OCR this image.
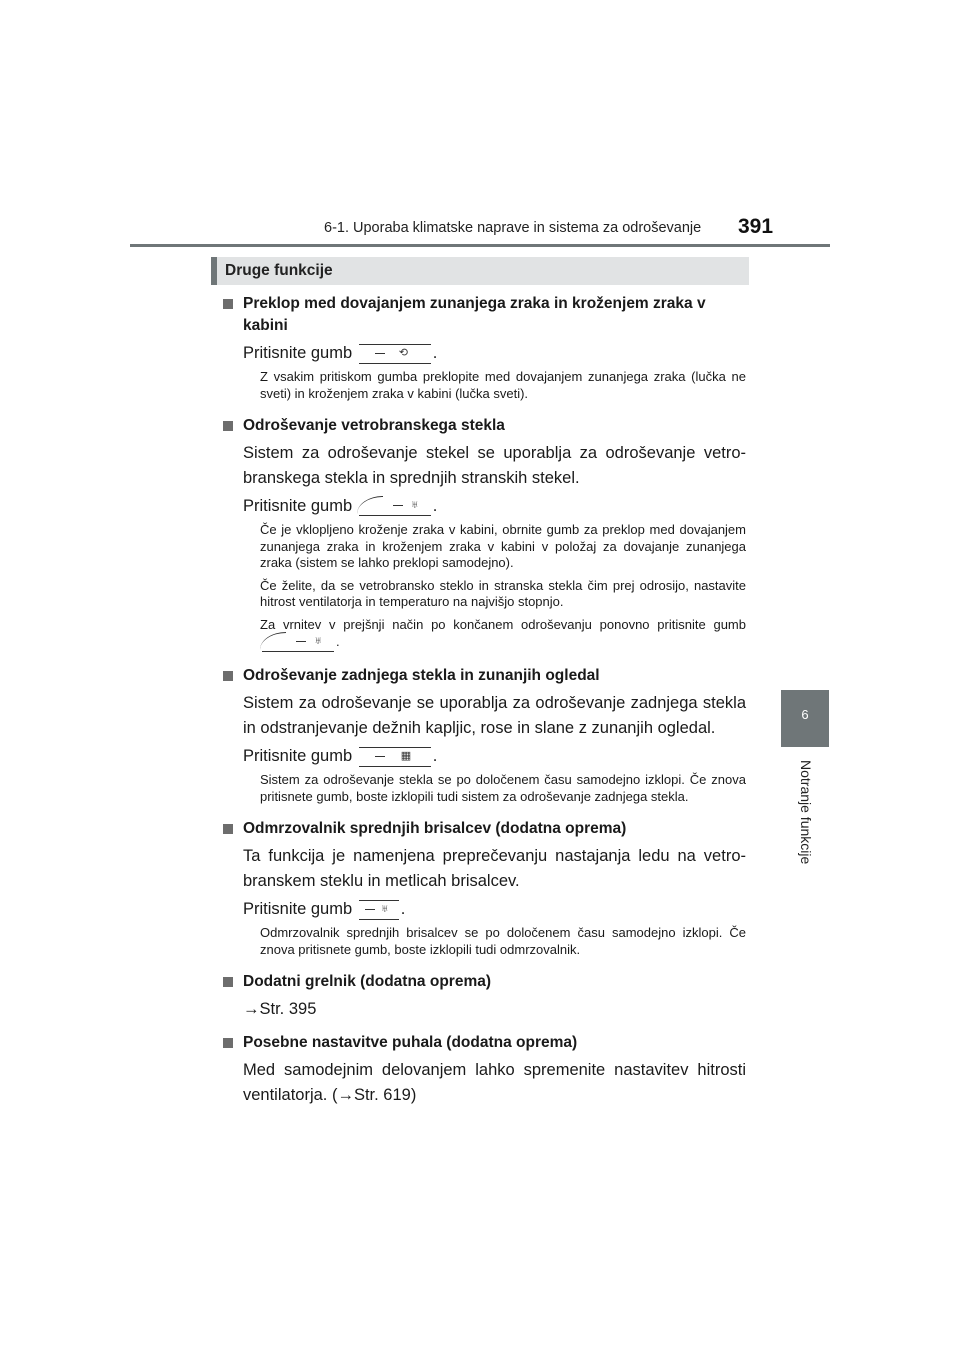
6-1. Uporaba klimatske naprave in sistema za odroševanje 391
6
Notranje funkcije
Druge funkcije
Preklop med dovajanjem zunanjega zraka in kroženjem zraka v kabini
Pritisnite gumb	⟲ .
Z vsakim pritiskom gumba preklopite med dovajanjem zunanjega zraka (lučka ne sveti) in kroženjem zraka v kabini (lučka sveti).
Odroševanje vetrobranskega stekla
Sistem za odroševanje stekel se uporablja za odroševanje vetro- branskega stekla in sprednjih stranskih stekel.
Pritisnite gumb	♅ .
Če je vklopljeno kroženje zraka v kabini, obrnite gumb za preklop med dovajanjem zunanjega zraka in kroženjem zraka v kabini v položaj za dovajanje zunanjega zraka (sistem se lahko preklopi samodejno).
Če želite, da se vetrobransko steklo in stranska stekla čim prej odrosijo, nastavite hitrost ventilatorja in temperaturo na najvišjo stopnjo.
Za vrnitev v prejšnji način po končanem odroševanju ponovno pritisnite gumb
♅ .
Odroševanje zadnjega stekla in zunanjih ogledal
Sistem za odroševanje se uporablja za odroševanje zadnjega stekla in odstranjevanje dežnih kapljic, rose in slane z zunanjih ogledal.
Pritisnite gumb	▦ .
Sistem za odroševanje stekla se po določenem času samodejno izklopi. Če znova pritisnete gumb, boste izklopili tudi sistem za odroševanje zadnjega stekla.
Odmrzovalnik sprednjih brisalcev (dodatna oprema)
Ta funkcija je namenjena preprečevanju nastajanja ledu na vetro- branskem steklu in metlicah brisalcev.
Pritisnite gumb	♅ .
Odmrzovalnik sprednjih brisalcev se po določenem času samodejno izklopi. Če znova pritisnete gumb, boste izklopili tudi odmrzovalnik.
Dodatni grelnik (dodatna oprema)
→Str. 395
Posebne nastavitve puhala (dodatna oprema)
Med samodejnim delovanjem lahko spremenite nastavitev hitrosti ventilatorja. (→Str. 619)
